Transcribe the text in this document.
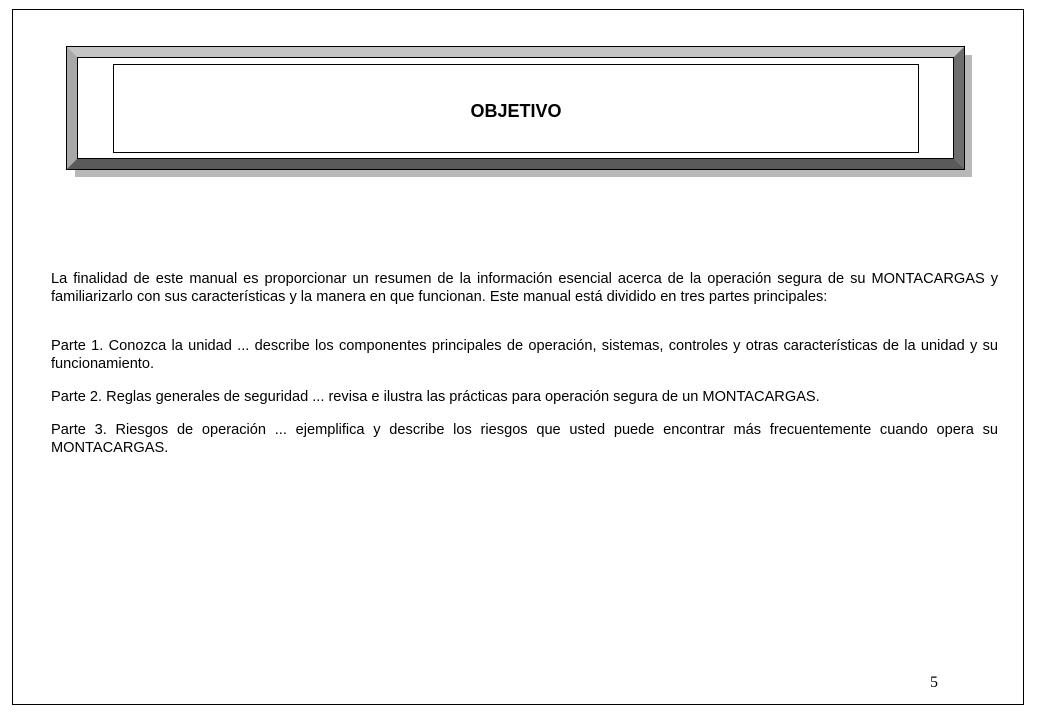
OBJETIVO

La finalidad de este manual es proporcionar un resumen de la información esencial acerca de la operación segura de su MONTACARGAS y familiarizarlo con sus características y la manera en que funcionan. Este manual está dividido en tres partes principales:

Parte 1. Conozca la unidad ... describe los componentes principales de operación, sistemas, controles y otras características de la unidad y su funcionamiento.

Parte 2. Reglas generales de seguridad ... revisa e ilustra las prácticas para operación segura de un MONTACARGAS.

Parte 3. Riesgos de operación ... ejemplifica y describe los riesgos que usted puede encontrar más frecuentemente cuando opera su MONTACARGAS.

5
